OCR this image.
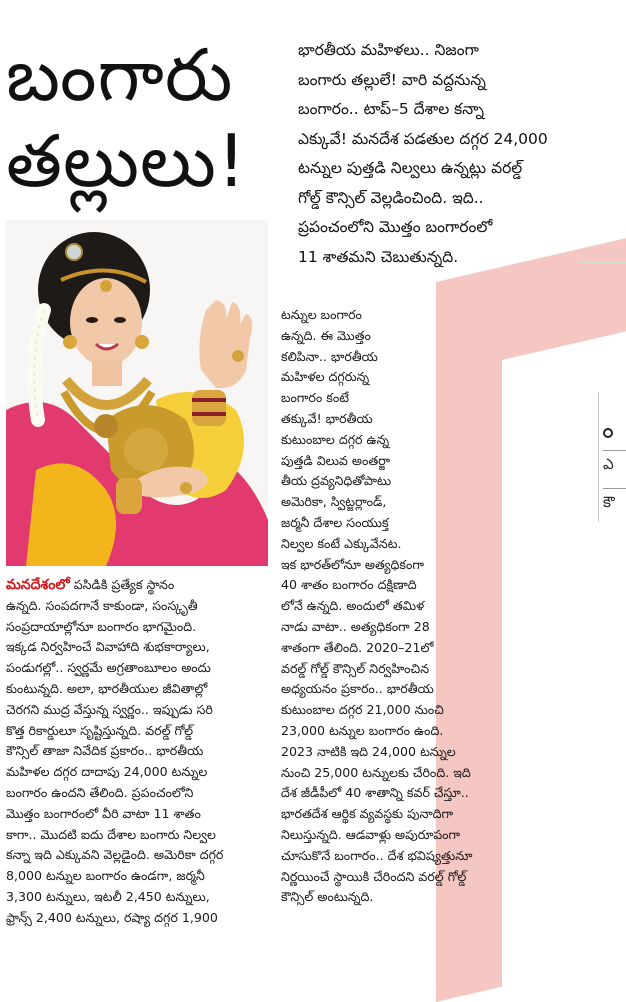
బంగారు
తల్లులు!
భారతీయ మహిళలు.. నిజంగా
బంగారు తల్లులే! వారి వద్దనున్న
బంగారం.. టాప్‌–5 దేశాల కన్నా
ఎక్కువే! మనదేశ పడతుల దగ్గర 24,000
టన్నుల పుత్తడి నిల్వలు ఉన్నట్లు వరల్డ్‌
గోల్డ్‌ కౌన్సిల్‌ వెల్లడించింది. ఇది..
ప్రపంచంలోని మొత్తం బంగారంలో
11 శాతమని చెబుతున్నది.
ఎ
కౌ
మనదేశంలో పసిడికి ప్రత్యేక స్థానం
ఉన్నది. సంపదగానే కాకుండా, సంస్కృతీ
సంప్రదాయాల్లోనూ బంగారం భాగమైంది.
ఇక్కడ నిర్వహించే వివాహాది శుభకార్యాలు,
పండుగల్లో.. స్వర్ణమే అగ్రతాంబూలం అందు
కుంటున్నది. అలా, భారతీయుల జీవితాల్లో
చెరగని ముద్ర వేస్తున్న స్వర్ణం.. ఇప్పుడు సరి
కొత్త రికార్డులూ సృష్టిస్తున్నది. వరల్డ్‌ గోల్డ్‌
కౌన్సిల్‌ తాజా నివేదిక ప్రకారం.. భారతీయ
మహిళల దగ్గర దాదాపు 24,000 టన్నుల
బంగారం ఉందని తేలింది. ప్రపంచంలోని
మొత్తం బంగారంలో వీరి వాటా 11 శాతం
కాగా.. మొదటి ఐదు దేశాల బంగారు నిల్వల
కన్నా ఇది ఎక్కువని వెల్లడైంది. అమెరికా దగ్గర
8,000 టన్నుల బంగారం ఉండగా, జర్మనీ
3,300 టన్నులు, ఇటలీ 2,450 టన్నులు,
ఫ్రాన్స్‌ 2,400 టన్నులు, రష్యా దగ్గర 1,900

టన్నుల బంగారం

ఉన్నది. ఈ మొత్తం

కలిపినా.. భారతీయ

మహిళల దగ్గరున్న

బంగారం కంటే

తక్కువే! భారతీయ

కుటుంబాల దగ్గర ఉన్న

పుత్తడి విలువ అంతర్జా

తీయ ద్రవ్యనిధితోపాటు

అమెరికా, స్విట్జర్లాండ్‌,

జర్మనీ దేశాల సంయుక్త

నిల్వల కంటే ఎక్కువేనట.

ఇక భారత్‌లోనూ అత్యధికంగా

40 శాతం బంగారం దక్షిణాది

లోనే ఉన్నది. అందులో తమిళ

నాడు వాటా.. అత్యధికంగా 28

శాతంగా తేలింది. 2020–21లో

వరల్డ్‌ గోల్డ్‌ కౌన్సిల్‌ నిర్వహించిన

అధ్యయనం ప్రకారం.. భారతీయ

కుటుంబాల దగ్గర 21,000 నుంచి

23,000 టన్నుల బంగారం ఉంది.

2023 నాటికి ఇది 24,000 టన్నుల

నుంచి 25,000 టన్నులకు చేరింది. ఇది

దేశ జీడీపీలో 40 శాతాన్ని కవర్‌ చేస్తూ..

భారతదేశ ఆర్థిక వ్యవస్థకు పునాదిగా

నిలుస్తున్నది. ఆడవాళ్లు అపురూపంగా

చూసుకొనే బంగారం.. దేశ భవిష్యత్తునూ

నిర్ణయించే స్థాయికి చేరిందని వరల్డ్‌ గోల్డ్‌

కౌన్సిల్‌ అంటున్నది.
